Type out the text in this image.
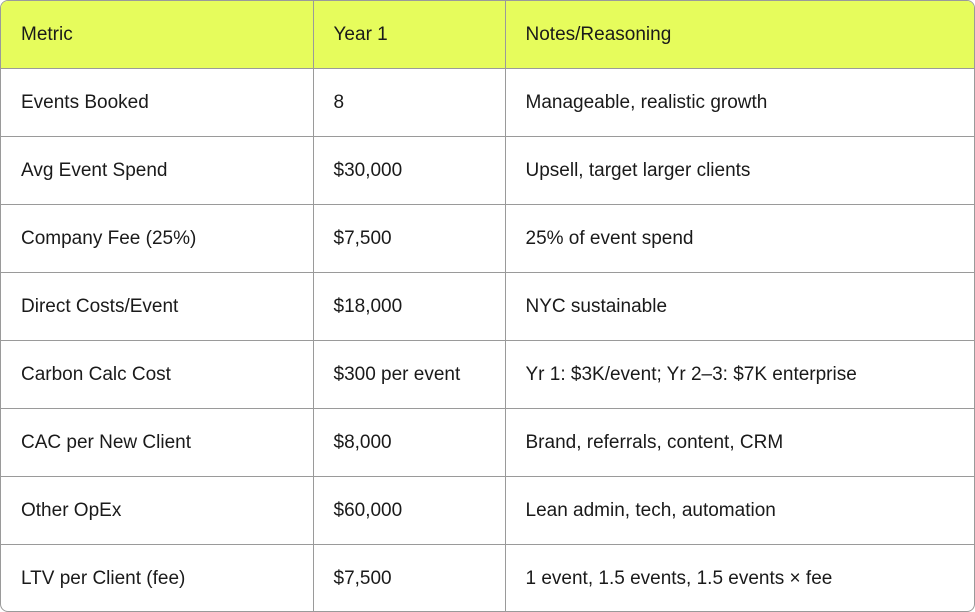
Metric	Year 1	Notes/Reasoning
Events Booked	8	Manageable, realistic growth
Avg Event Spend	$30,000	Upsell, target larger clients
Company Fee (25%)	$7,500	25% of event spend
Direct Costs/Event	$18,000	NYC sustainable
Carbon Calc Cost	$300 per event	Yr 1: $3K/event; Yr 2–3: $7K enterprise
CAC per New Client	$8,000	Brand, referrals, content, CRM
Other OpEx	$60,000	Lean admin, tech, automation
LTV per Client (fee)	$7,500	1 event, 1.5 events, 1.5 events × fee
